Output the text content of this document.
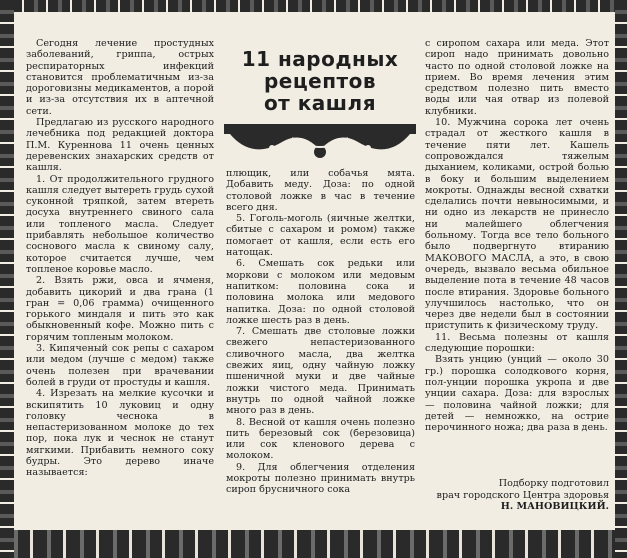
Сегодня лечение простудных заболеваний, гриппа, острых респираторных инфекций становится проблематичным из-за дороговизны медикаментов, а порой и из-за отсутствия их в аптечной сети.

Предлагаю из русского народного лечебника под редакцией доктора П.М. Куреннова 11 очень ценных деревенских знахарских средств от кашля.

1. От продолжительного грудного кашля следует вытереть грудь сухой суконной тряпкой, затем втереть досуха внутреннего свиного сала или топленого масла. Следует прибавлять небольшое количество соснового масла к свиному салу, которое считается лучше, чем топленое коровье масло.

2. Взять ржи, овса и ячменя, добавить цикорий и два грана (1 гран = 0,06 грамма) очищенного горького миндаля и пить это как обыкновенный кофе. Можно пить с горячим топленым молоком.

3. Кипяченый сок репы с сахаром или медом (лучше с медом) также очень полезен при врачевании болей в груди от простуды и кашля.

4. Изрезать на мелкие кусочки и вскипятить 10 луковиц и одну головку чеснока в непастеризованном молоке до тех пор, пока лук и чеснок не станут мягкими. Прибавить немного соку будры. Это дерево иначе называется:

11 народных
рецептов
от кашля

плющик, или собачья мята. Добавить меду. Доза: по одной столовой ложке в час в течение всего дня.

5. Гоголь-моголь (яичные желтки, сбитые с сахаром и ромом) также помогает от кашля, если есть его натощак.

6. Смешать сок редьки или моркови с молоком или медовым напитком: половина сока и половина молока или медового напитка. Доза: по одной столовой ложке шесть раз в день.

7. Смешать две столовые ложки свежего непастеризованного сливочного масла, два желтка свежих яиц, одну чайную ложку пшеничной муки и две чайные ложки чистого меда. Принимать внутрь по одной чайной ложке много раз в день.

8. Весной от кашля очень полезно пить березовый сок (березовица) или сок кленового дерева с молоком.

9. Для облегчения отделения мокроты полезно принимать внутрь сироп брусничного сока

с сиропом сахара или меда. Этот сироп надо принимать довольно часто по одной столовой ложке на прием. Во время лечения этим средством полезно пить вместо воды или чая отвар из полевой клубники.

10. Мужчина сорока лет очень страдал от жесткого кашля в течение пяти лет. Кашель сопровождался тяжелым дыханием, коликами, острой болью в боку и большим выделением мокроты. Однажды весной схватки сделались почти невыносимыми, и ни одно из лекарств не принесло ни малейшего облегчения больному. Тогда все тело больного было подвергнуто втиранию МАКОВОГО МАСЛА, а это, в свою очередь, вызвало весьма обильное выделение пота в течение 48 часов после втирания. Здоровье больного улучшилось настолько, что он через две недели был в состоянии приступить к физическому труду.

11. Весьма полезны от кашля следующие порошки:

Взять унцию (унций — около 30 гр.) порошка солодкового корня, пол-унции порошка укропа и две унции сахара. Доза: для взрослых — половина чайной ложки; для детей — немножко, на острие перочинного ножа; два раза в день.

Подборку подготовил
врач городского Центра здоровья Н. МАНОВИЦКИЙ.
